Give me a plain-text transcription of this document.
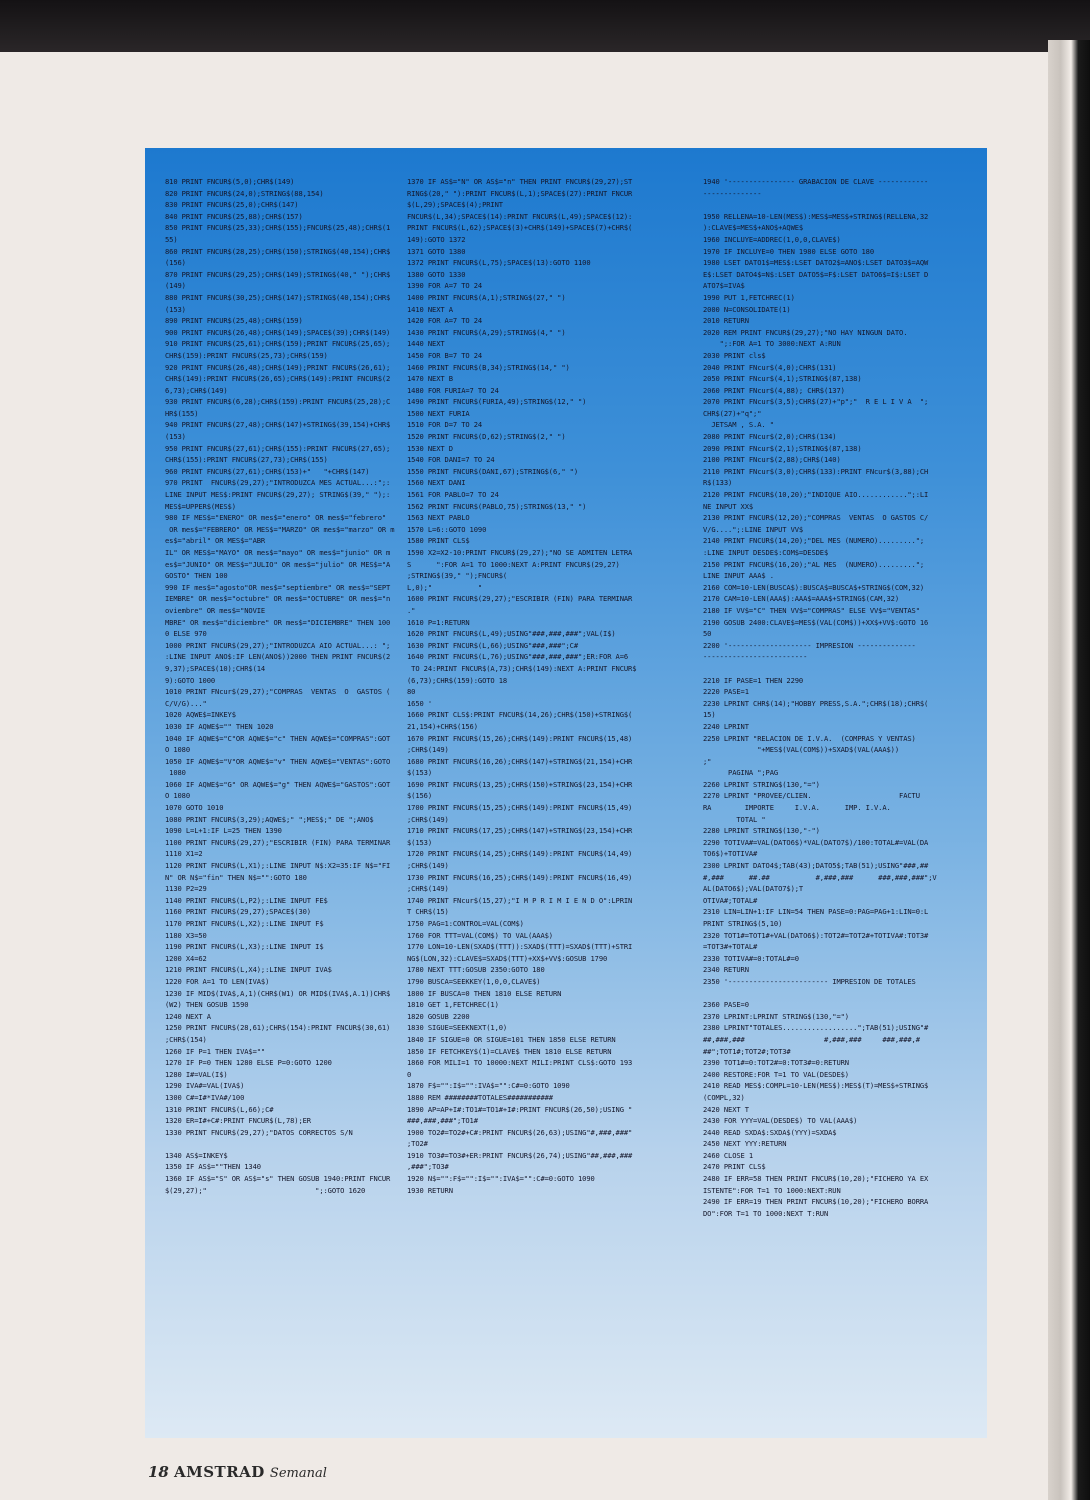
810 PRINT FNCUR$(5,0);CHR$(149)
820 PRINT FNCUR$(24,0);STRING$(88,154)
830 PRINT FNCUR$(25,0);CHR$(147)
840 PRINT FNCUR$(25,88);CHR$(157)
850 PRINT FNCUR$(25,33);CHR$(155);FNCUR$(25,48);CHR$(1
55)
860 PRINT FNCUR$(28,25);CHR$(150);STRING$(40,154);CHR$
(156)
870 PRINT FNCUR$(29,25);CHR$(149);STRING$(40," ");CHR$
(149)
880 PRINT FNCUR$(30,25);CHR$(147);STRING$(40,154);CHR$
(153)
890 PRINT FNCUR$(25,48);CHR$(159)
900 PRINT FNCUR$(26,48);CHR$(149);SPACE$(39);CHR$(149)
910 PRINT FNCUR$(25,61);CHR$(159);PRINT FNCUR$(25,65);
CHR$(159):PRINT FNCUR$(25,73);CHR$(159)
920 PRINT FNCUR$(26,48);CHR$(149);PRINT FNCUR$(26,61);
CHR$(149):PRINT FNCUR$(26,65);CHR$(149):PRINT FNCUR$(2
6,73);CHR$(149)
930 PRINT FNCUR$(6,28);CHR$(159):PRINT FNCUR$(25,28);C
HR$(155)
940 PRINT FNCUR$(27,48);CHR$(147)+STRING$(39,154)+CHR$
(153)
950 PRINT FNCUR$(27,61);CHR$(155):PRINT FNCUR$(27,65);
CHR$(155):PRINT FNCUR$(27,73);CHR$(155)
960 PRINT FNCUR$(27,61);CHR$(153)+"   "+CHR$(147)
970 PRINT  FNCUR$(29,27);"INTRODUZCA MES ACTUAL...:";:
LINE INPUT MES$:PRINT FNCUR$(29,27); STRING$(39," ");:
MES$=UPPER$(MES$)
980 IF MES$="ENERO" OR mes$="enero" OR mes$="febrero"
OR mes$="FEBRERO" OR MES$="MARZO" OR mes$="marzo" OR m
es$="abril" OR MES$="ABR
IL" OR MES$="MAYO" OR mes$="mayo" OR mes$="junio" OR m
es$="JUNIO" OR MES$="JULIO" OR mes$="julio" OR MES$="A
GOSTO" THEN 100
990 IF mes$="agosto"OR mes$="septiembre" OR mes$="SEPT
IEMBRE" OR mes$="octubre" OR mes$="OCTUBRE" OR mes$="n
oviembre" OR mes$="NOVIE
MBRE" OR mes$="diciembre" OR mes$="DICIEMBRE" THEN 100
0 ELSE 970
1000 PRINT FNCUR$(29,27);"INTRODUZCA AIO ACTUAL...: ";
:LINE INPUT ANO$:IF LEN(ANO$))2000 THEN PRINT FNCUR$(2
9,37);SPACE$(10);CHR$(14
9):GOTO 1000
1010 PRINT FNcur$(29,27);"COMPRAS  VENTAS  O  GASTOS (
C/V/G)..."
1020 AQWE$=INKEY$
1030 IF AQWE$="" THEN 1020
1040 IF AQWE$="C"OR AQWE$="c" THEN AQWE$="COMPRAS":GOT
O 1080
1050 IF AQWE$="V"OR AQWE$="v" THEN AQWE$="VENTAS":GOTO
1080
1060 IF AQWE$="G" OR AQWE$="g" THEN AQWE$="GASTOS":GOT
O 1080
1070 GOTO 1010
1080 PRINT FNCUR$(3,29);AQWE$;" ";MES$;" DE ";ANO$
1090 L=L+1:IF L=25 THEN 1390
1100 PRINT FNCUR$(29,27);"ESCRIBIR (FIN) PARA TERMINAR
1110 X1=2
1120 PRINT FNCUR$(L,X1);:LINE INPUT N$:X2=35:IF N$="FI
N" OR N$="fin" THEN N$="":GOTO 180
1130 P2=29
1140 PRINT FNCUR$(L,P2);:LINE INPUT FE$
1160 PRINT FNCUR$(29,27);SPACE$(30)
1170 PRINT FNCUR$(L,X2);:LINE INPUT F$
1180 X3=50
1190 PRINT FNCUR$(L,X3);:LINE INPUT I$
1200 X4=62
1210 PRINT FNCUR$(L,X4);:LINE INPUT IVA$
1220 FOR A=1 TO LEN(IVA$)
1230 IF MID$(IVA$,A,1)(CHR$(W1) OR MID$(IVA$,A.1))CHR$
(W2) THEN GOSUB 1590
1240 NEXT A
1250 PRINT FNCUR$(28,61);CHR$(154):PRINT FNCUR$(30,61)
;CHR$(154)
1260 IF P=1 THEN IVA$=""
1270 IF P=0 THEN 1280 ELSE P=0:GOTO 1200
1280 I#=VAL(I$)
1290 IVA#=VAL(IVA$)
1300 C#=I#*IVA#/100
1310 PRINT FNCUR$(L,66);C#
1320 ER=I#+C#:PRINT FNCUR$(L,78);ER
1330 PRINT FNCUR$(29,27);"DATOS CORRECTOS S/N
1340 AS$=INKEY$
1350 IF AS$=""THEN 1340
1360 IF AS$="S" OR AS$="s" THEN GOSUB 1940:PRINT FNCUR
$(29,27);"                          ";:GOTO 1620
1370 IF AS$="N" OR AS$="n" THEN PRINT FNCUR$(29,27);ST
RING$(20," "):PRINT FNCUR$(L,1);SPACE$(27):PRINT FNCUR
$(L,29);SPACE$(4);PRINT
FNCUR$(L,34);SPACE$(14):PRINT FNCUR$(L,49);SPACE$(12):
PRINT FNCUR$(L,62);SPACE$(3)+CHR$(149)+SPACE$(7)+CHR$(
149):GOTO 1372
1371 GOTO 1380
1372 PRINT FNCUR$(L,75);SPACE$(13):GOTO 1100
1380 GOTO 1330
1390 FOR A=7 TO 24
1400 PRINT FNCUR$(A,1);STRING$(27," ")
1410 NEXT A
1420 FOR A=7 TO 24
1430 PRINT FNCUR$(A,29);STRING$(4," ")
1440 NEXT
1450 FOR B=7 TO 24
1460 PRINT FNCUR$(B,34);STRING$(14," ")
1470 NEXT B
1480 FOR FURIA=7 TO 24
1490 PRINT FNCUR$(FURIA,49);STRING$(12," ")
1500 NEXT FURIA
1510 FOR D=7 TO 24
1520 PRINT FNCUR$(D,62);STRING$(2," ")
1530 NEXT D
1540 FOR DANI=7 TO 24
1550 PRINT FNCUR$(DANI,67);STRING$(6," ")
1560 NEXT DANI
1561 FOR PABLO=7 TO 24
1562 PRINT FNCUR$(PABLO,75);STRING$(13," ")
1563 NEXT PABLO
1570 L=6::GOTO 1090
1580 PRINT CLS$
1590 X2=X2-10:PRINT FNCUR$(29,27);"NO SE ADMITEN LETRA
S      ":FOR A=1 TO 1000:NEXT A:PRINT FNCUR$(29,27)
;STRING$(39," ");FNCUR$(
L,0);"           "
1600 PRINT FNCUR$(29,27);"ESCRIBIR (FIN) PARA TERMINAR
."
1610 P=1:RETURN
1620 PRINT FNCUR$(L,49);USING"###,###,###";VAL(I$)
1630 PRINT FNCUR$(L,66);USING"###,###";C#
1640 PRINT FNCUR$(L,76);USING"###,###,###";ER:FOR A=6
TO 24:PRINT FNCUR$(A,73);CHR$(149):NEXT A:PRINT FNCUR$
(6,73);CHR$(159):GOTO 18
80
1650 '
1660 PRINT CLS$:PRINT FNCUR$(14,26);CHR$(150)+STRING$(
21,154)+CHR$(156)
1670 PRINT FNCUR$(15,26);CHR$(149):PRINT FNCUR$(15,48)
;CHR$(149)
1680 PRINT FNCUR$(16,26);CHR$(147)+STRING$(21,154)+CHR
$(153)
1690 PRINT FNCUR$(13,25);CHR$(150)+STRING$(23,154)+CHR
$(156)
1700 PRINT FNCUR$(15,25);CHR$(149):PRINT FNCUR$(15,49)
;CHR$(149)
1710 PRINT FNCUR$(17,25);CHR$(147)+STRING$(23,154)+CHR
$(153)
1720 PRINT FNCUR$(14,25);CHR$(149):PRINT FNCUR$(14,49)
;CHR$(149)
1730 PRINT FNCUR$(16,25);CHR$(149):PRINT FNCUR$(16,49)
;CHR$(149)
1740 PRINT FNcur$(15,27);"I M P R I M I E N D O":LPRIN
T CHR$(15)
1750 PAG=1:CONTROL=VAL(COM$)
1760 FOR TTT=VAL(COM$) TO VAL(AAA$)
1770 LON=10-LEN(SXAD$(TTT)):SXAD$(TTT)=SXAD$(TTT)+STRI
NG$(LON,32):CLAVE$=SXAD$(TTT)+XX$+VV$:GOSUB 1790
1780 NEXT TTT:GOSUB 2350:GOTO 180
1790 BUSCA=SEEKKEY(1,0,0,CLAVE$)
1800 IF BUSCA=0 THEN 1810 ELSE RETURN
1810 GET 1,FETCHREC(1)
1820 GOSUB 2200
1830 SIGUE=SEEKNEXT(1,0)
1840 IF SIGUE=0 OR SIGUE=101 THEN 1850 ELSE RETURN
1850 IF FETCHKEY$(1)=CLAVE$ THEN 1810 ELSE RETURN
1860 FOR MILI=1 TO 10000:NEXT MILI:PRINT CLS$:GOTO 193
0
1870 F$="":I$="":IVA$="":C#=0:GOTO 1090
1880 REM ########TOTALES###########
1890 AP=AP+I#:TO1#=TO1#+I#:PRINT FNCUR$(26,50);USING "
###,###,###";TO1#
1900 TO2#=TO2#+C#:PRINT FNCUR$(26,63);USING"#,###,###"
;TO2#
1910 TO3#=TO3#+ER:PRINT FNCUR$(26,74);USING"##,###,###
,###";TO3#
1920 N$="":F$="":I$="":IVA$="":C#=0:GOTO 1090
1930 RETURN
1940 '---------------- GRABACION DE CLAVE ------------
--------------
1950 RELLENA=10-LEN(MES$):MES$=MES$+STRING$(RELLENA,32
):CLAVE$=MES$+ANO$+AQWE$
1960 INCLUYE=ADDREC(1,0,0,CLAVE$)
1970 IF INCLUYE=0 THEN 1980 ELSE GOTO 180
1980 LSET DATO1$=MES$:LSET DATO2$=ANO$:LSET DATO3$=AQW
E$:LSET DATO4$=N$:LSET DATO5$=F$:LSET DATO6$=I$:LSET D
ATO7$=IVA$
1990 PUT 1,FETCHREC(1)
2000 N=CONSOLIDATE(1)
2010 RETURN
2020 REM PRINT FNCUR$(29,27);"NO HAY NINGUN DATO.
";:FOR A=1 TO 3000:NEXT A:RUN
2030 PRINT cls$
2040 PRINT FNcur$(4,0);CHR$(131)
2050 PRINT FNcur$(4,1);STRING$(87,138)
2060 PRINT FNcur$(4,88); CHR$(137)
2070 PRINT FNcur$(3,5);CHR$(27)+"p";"  R E L I V A  ";
CHR$(27)+"q";"
JETSAM , S.A. "
2080 PRINT FNcur$(2,0);CHR$(134)
2090 PRINT FNcur$(2,1);STRING$(87,138)
2100 PRINT FNcur$(2,88);CHR$(140)
2110 PRINT FNcur$(3,0);CHR$(133):PRINT FNcur$(3,88);CH
R$(133)
2120 PRINT FNCUR$(10,20);"INDIQUE AIO............";:LI
NE INPUT XX$
2130 PRINT FNCUR$(12,20);"COMPRAS  VENTAS  O GASTOS C/
V/G....";:LINE INPUT VV$
2140 PRINT FNCUR$(14,20);"DEL MES (NUMERO).........";
:LINE INPUT DESDE$:COM$=DESDE$
2150 PRINT FNCUR$(16,20);"AL MES  (NUMERO).........";
LINE INPUT AAA$ .
2160 COM=10-LEN(BUSCA$):BUSCA$=BUSCA$+STRING$(COM,32)
2170 CAM=10-LEN(AAA$):AAA$=AAA$+STRING$(CAM,32)
2180 IF VV$="C" THEN VV$="COMPRAS" ELSE VV$="VENTAS"
2190 GOSUB 2400:CLAVE$=MES$(VAL(COM$))+XX$+VV$:GOTO 16
50
2200 '-------------------- IMPRESION --------------
-------------------------
2210 IF PASE=1 THEN 2290
2220 PASE=1
2230 LPRINT CHR$(14);"HOBBY PRESS,S.A.";CHR$(18);CHR$(
15)
2240 LPRINT
2250 LPRINT "RELACION DE I.V.A.  (COMPRAS Y VENTAS)
"+MES$(VAL(COM$))+SXAD$(VAL(AAA$))
;"
PAGINA ";PAG
2260 LPRINT STRING$(130,"=")
2270 LPRINT "PROVEE/CLIEN.                     FACTU
RA        IMPORTE     I.V.A.      IMP. I.V.A.
TOTAL "
2280 LPRINT STRING$(130,"-")
2290 TOTIVA#=VAL(DATO6$)*VAL(DATO7$)/100:TOTAL#=VAL(DA
TO6$)+TOTIVA#
2300 LPRINT DATO4$;TAB(43);DATO5$;TAB(51);USING"###,##
#,###      ##.##           #,###,###      ###,###,###";V
AL(DATO6$);VAL(DATO7$);T
OTIVA#;TOTAL#
2310 LIN=LIN+1:IF LIN=54 THEN PASE=0:PAG=PAG+1:LIN=0:L
PRINT STRING$(5,10)
2320 TOT1#=TOT1#+VAL(DATO6$):TOT2#=TOT2#+TOTIVA#:TOT3#
=TOT3#+TOTAL#
2330 TOTIVA#=0:TOTAL#=0
2340 RETURN
2350 '------------------------ IMPRESION DE TOTALES
2360 PASE=0
2370 LPRINT:LPRINT STRING$(130,"=")
2380 LPRINT"TOTALES..................";TAB(51);USING"#
##,###,###                   #,###,###     ###,###,#
##";TOT1#;TOT2#;TOT3#
2390 TOT1#=0:TOT2#=0:TOT3#=0:RETURN
2400 RESTORE:FOR T=1 TO VAL(DESDE$)
2410 READ MES$:COMPL=10-LEN(MES$):MES$(T)=MES$+STRING$
(COMPL,32)
2420 NEXT T
2430 FOR YYY=VAL(DESDE$) TO VAL(AAA$)
2440 READ SXDA$:SXDA$(YYY)=SXDA$
2450 NEXT YYY:RETURN
2460 CLOSE 1
2470 PRINT CLS$
2480 IF ERR=58 THEN PRINT FNCUR$(10,20);"FICHERO YA EX
ISTENTE":FOR T=1 TO 1000:NEXT:RUN
2490 IF ERR=19 THEN PRINT FNCUR$(10,20);"FICHERO BORRA
DO":FOR T=1 TO 1000:NEXT T:RUN
18 AMSTRAD Semanal
